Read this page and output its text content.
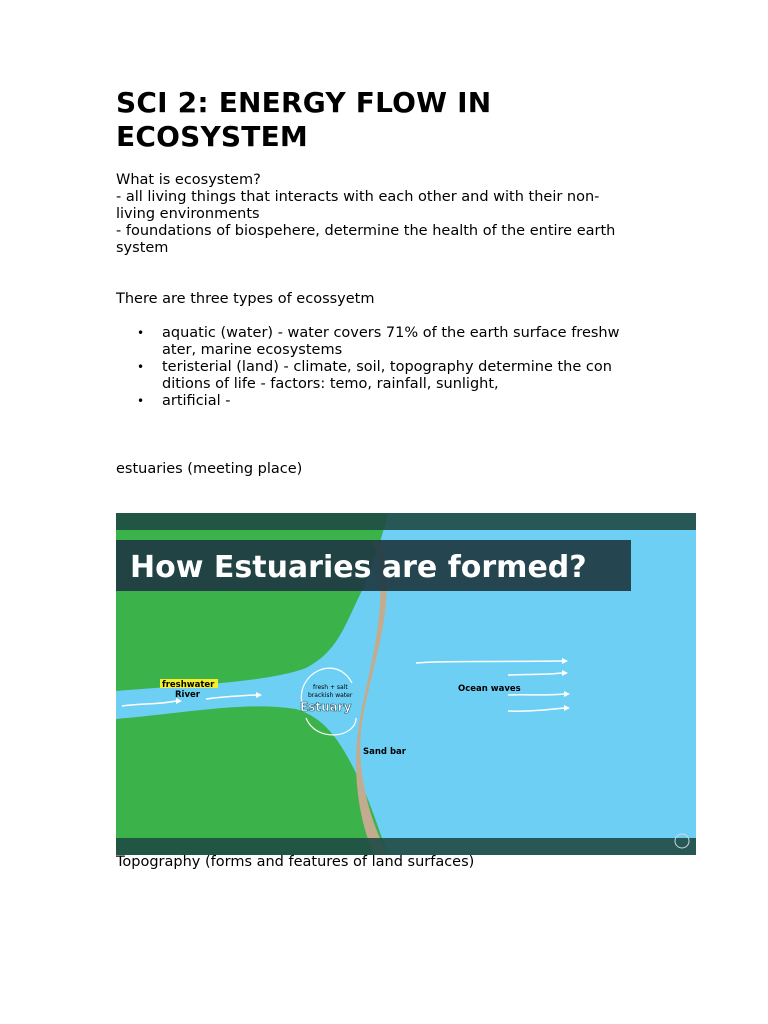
SCI 2: ENERGY FLOW IN
ECOSYSTEM
What is ecosystem?
- all living things that interacts with each other and with their non-
living environments
- foundations of biospehere, determine the health of the entire earth
system
There are three types of ecossyetm
• aquatic (water) - water covers 71% of the earth surface freshw
ater, marine ecosystems
• teristerial (land) - climate, soil, topography determine the con
ditions of life - factors: temo, rainfall, sunlight,
• artificial -
estuaries (meeting place)
How Estuaries are formed?
freshwater
River
fresh + salt
brackish water
Estuary
Ocean waves
Sand bar
Topography (forms and features of land surfaces)
